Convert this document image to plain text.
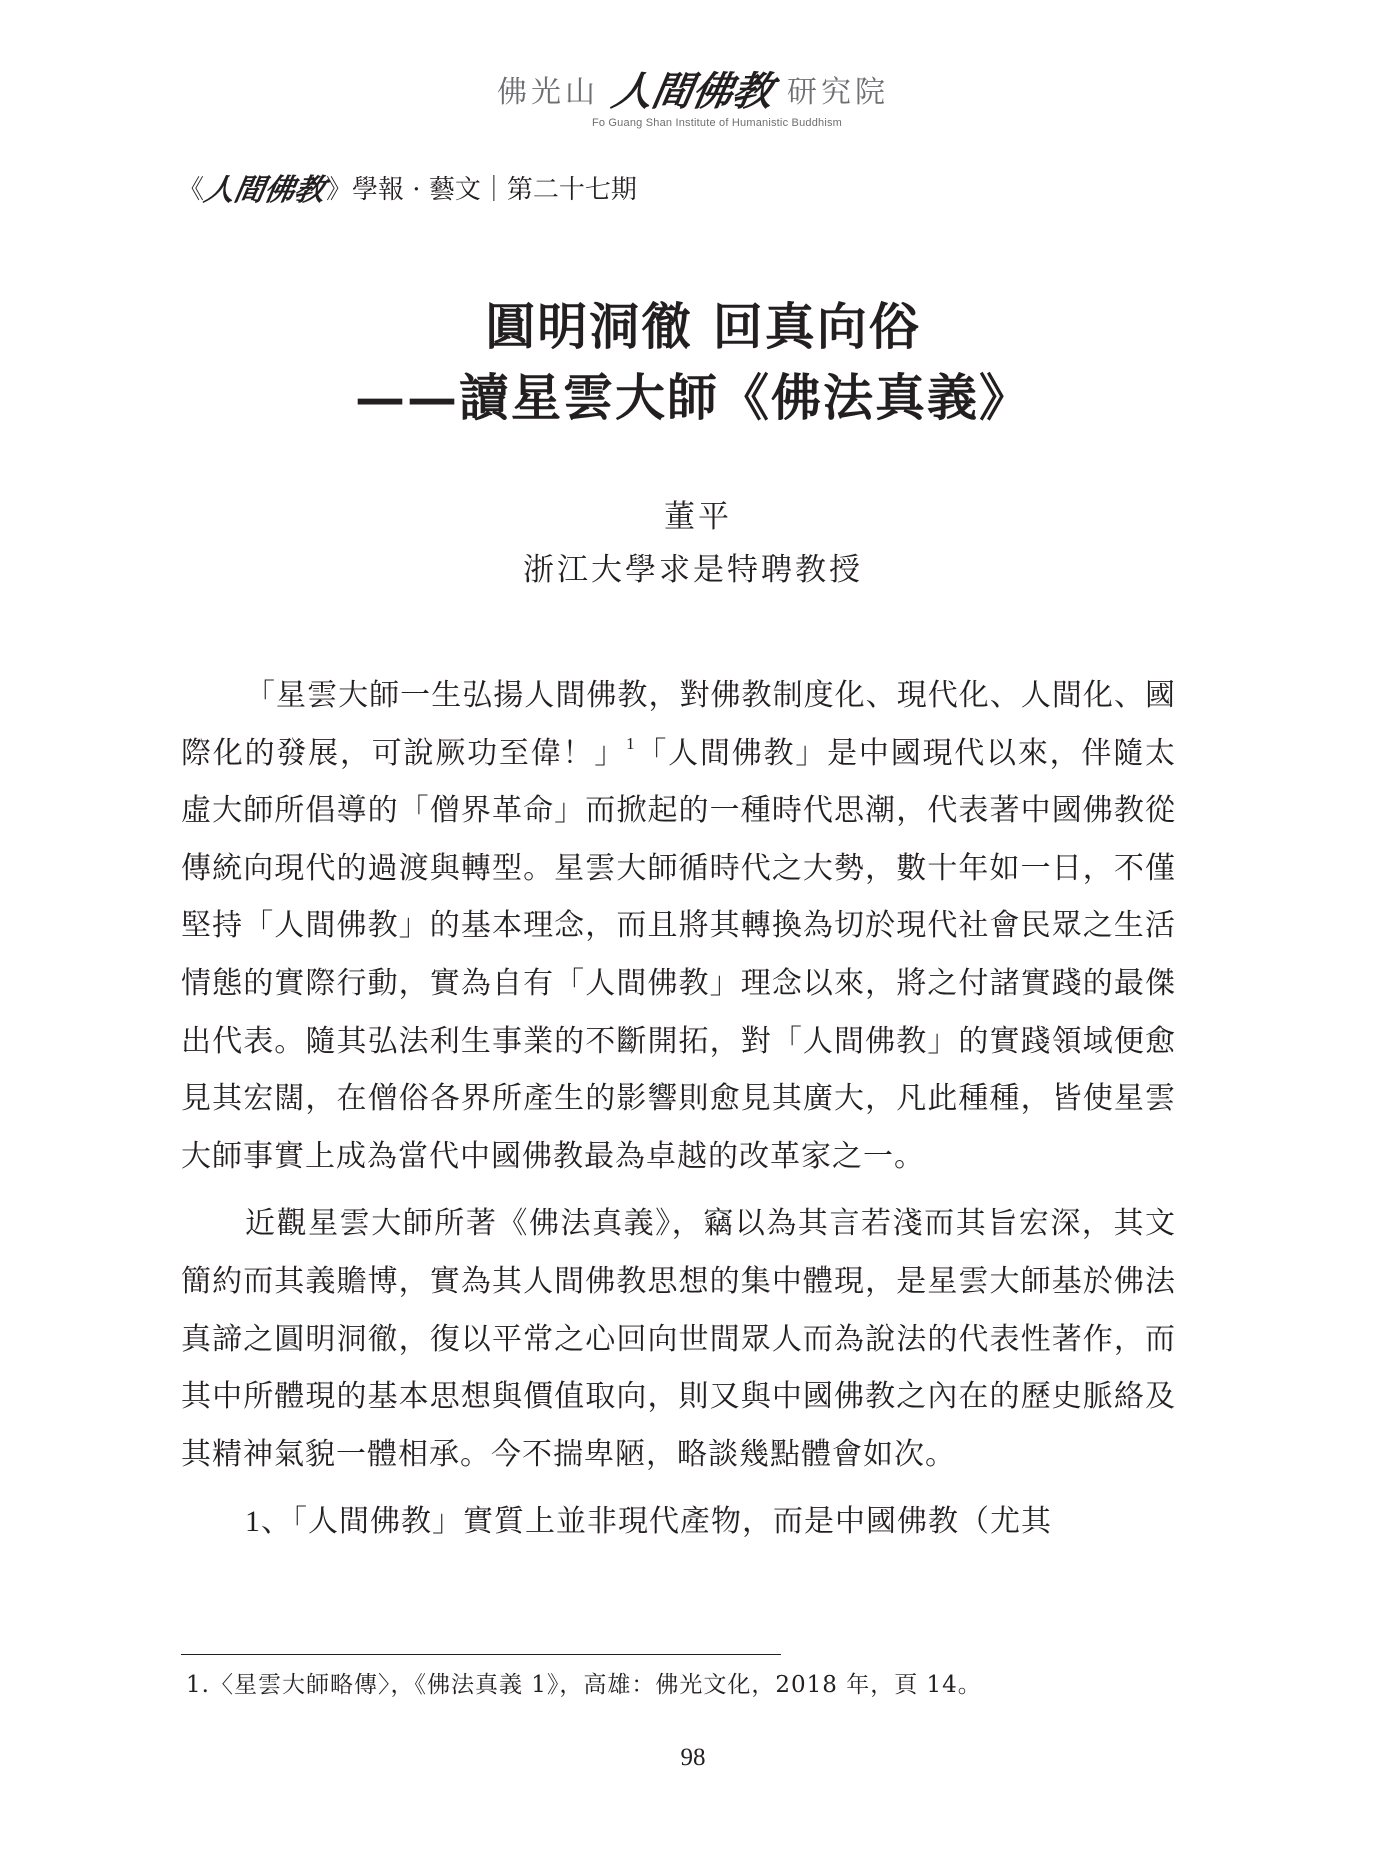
佛光山 人間佛教 研究院
Fo Guang Shan Institute of Humanistic Buddhism
《
人間佛教
》 學報 · 藝文｜第二十七期
圓明洞徹 回真向俗
——讀星雲大師《佛法真義》
董平
浙江大學求是特聘教授

「星雲大師一生弘揚人間佛教，對佛教制度化、現代化、人間化、國際化的發展，可說厥功至偉！」$^1$「人間佛教」是中國現代以來，伴隨太虛大師所倡導的「僧界革命」而掀起的一種時代思潮，代表著中國佛教從傳統向現代的過渡與轉型。星雲大師循時代之大勢，數十年如一日，不僅堅持「人間佛教」的基本理念，而且將其轉換為切於現代社會民眾之生活情態的實際行動，實為自有「人間佛教」理念以來，將之付諸實踐的最傑出代表。隨其弘法利生事業的不斷開拓，對「人間佛教」的實踐領域便愈見其宏闊，在僧俗各界所產生的影響則愈見其廣大，凡此種種，皆使星雲大師事實上成為當代中國佛教最為卓越的改革家之一。

近觀星雲大師所著《佛法真義》，竊以為其言若淺而其旨宏深，其文簡約而其義贍博，實為其人間佛教思想的集中體現，是星雲大師基於佛法真諦之圓明洞徹，復以平常之心回向世間眾人而為說法的代表性著作，而其中所體現的基本思想與價值取向，則又與中國佛教之內在的歷史脈絡及其精神氣貌一體相承。今不揣卑陋，略談幾點體會如次。

1、「人間佛教」實質上並非現代產物，而是中國佛教（尤其

1.〈星雲大師略傳〉，《佛法真義 1》，高雄：佛光文化，2018 年，頁 14。
98
